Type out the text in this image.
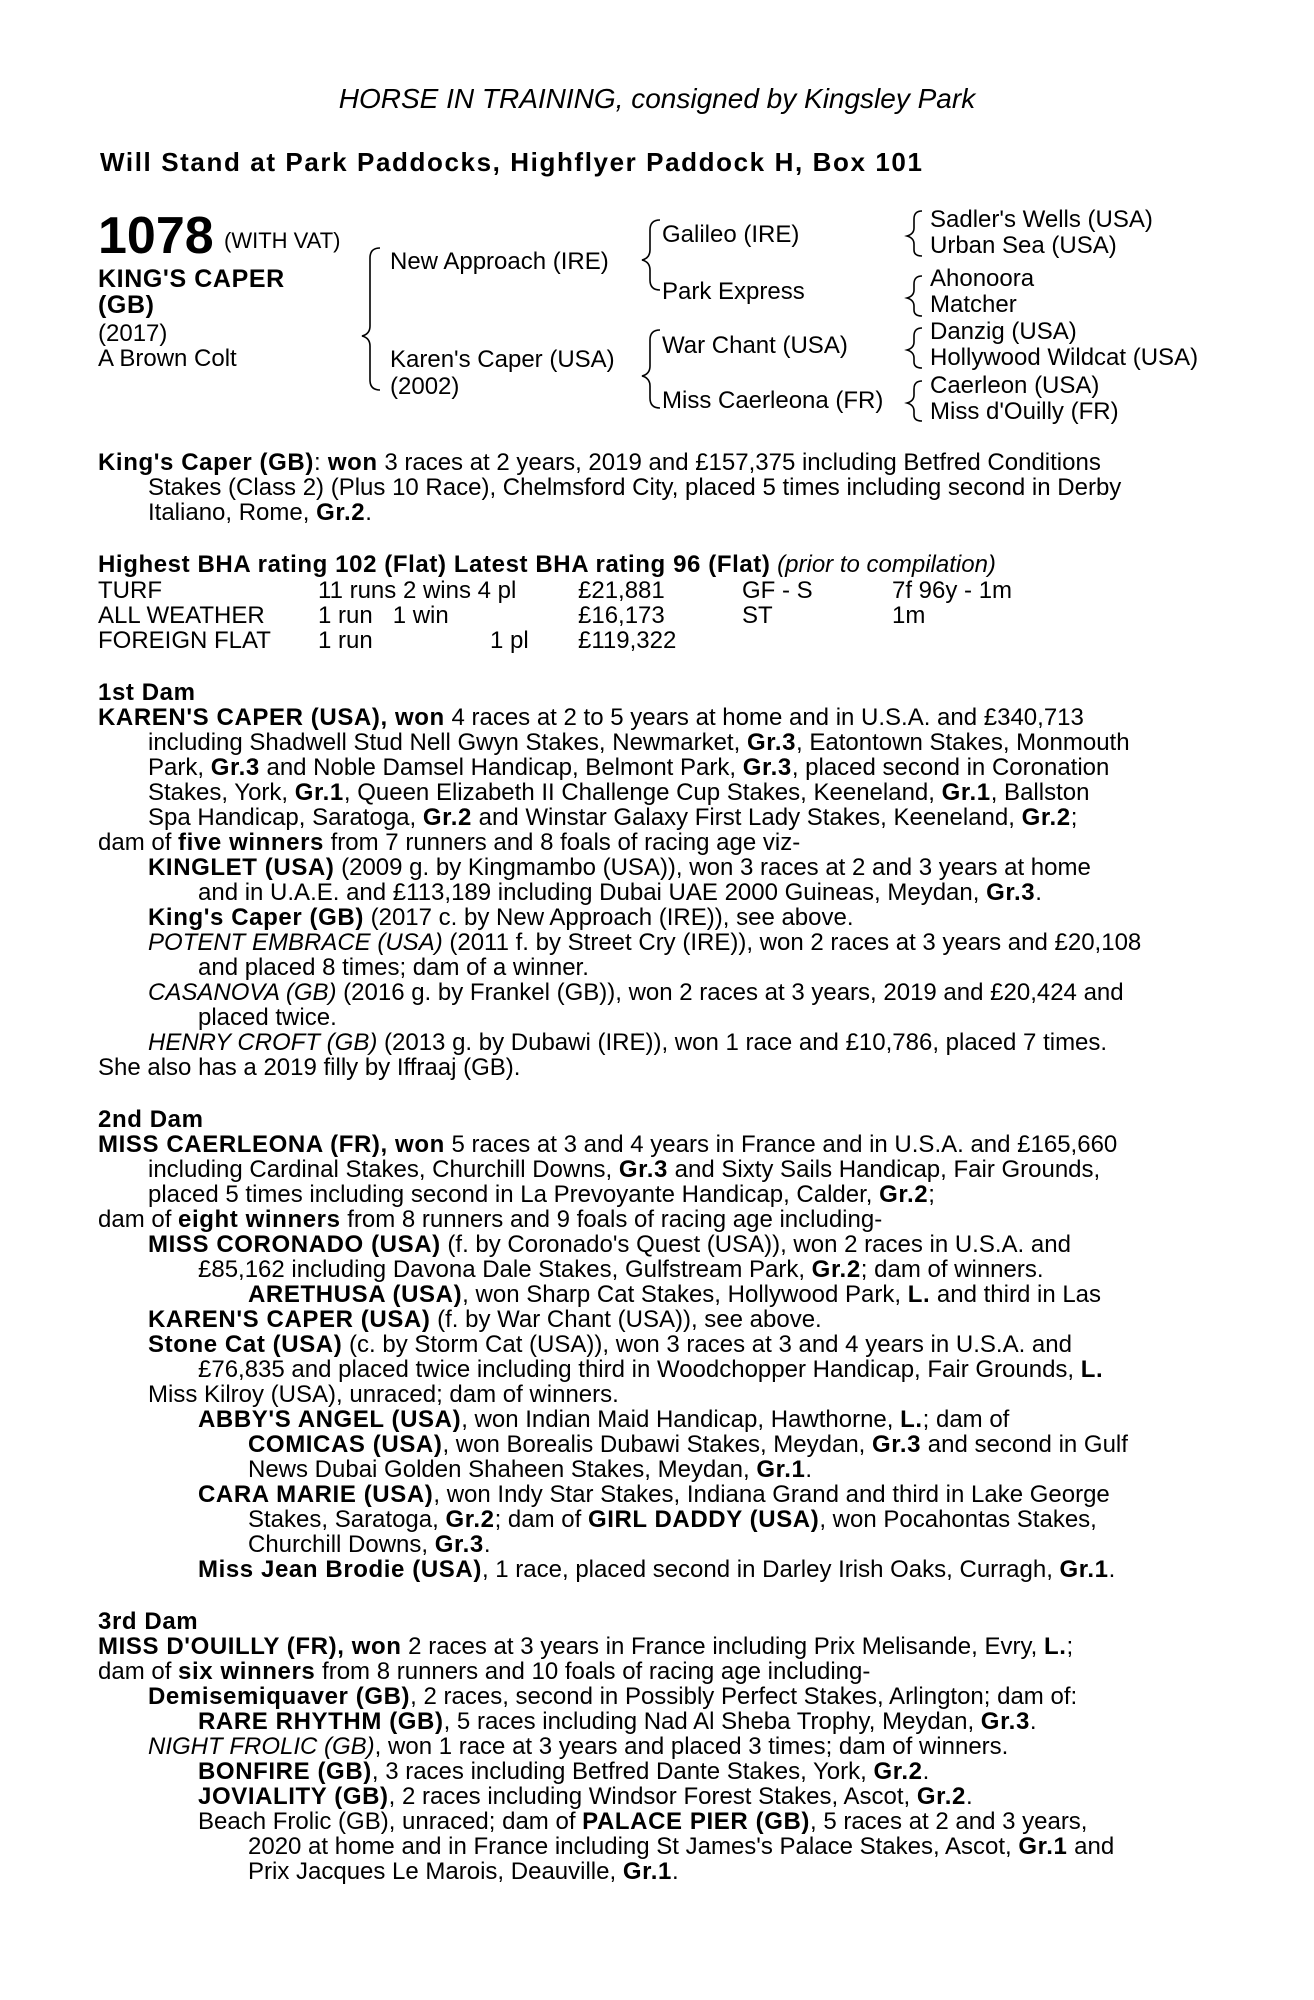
HORSE IN TRAINING, consigned by Kingsley Park
Will Stand at Park Paddocks, Highflyer Paddock H, Box 101
1078 (WITH VAT)
KING'S CAPER
(GB)
(2017)
A Brown Colt
New Approach (IRE)
Karen's Caper (USA)
(2002)
Galileo (IRE)
Park Express
War Chant (USA)
Miss Caerleona (FR)
Sadler's Wells (USA)
Urban Sea (USA)
Ahonoora
Matcher
Danzig (USA)
Hollywood Wildcat (USA)
Caerleon (USA)
Miss d'Ouilly (FR)
King's Caper (GB): won 3 races at 2 years, 2019 and £157,375 including Betfred Conditions
Stakes (Class 2) (Plus 10 Race), Chelmsford City, placed 5 times including second in Derby
Italiano, Rome, Gr.2.
Highest BHA rating 102 (Flat) Latest BHA rating 96 (Flat) (prior to compilation)
TURF	11 runs 2 wins 4 pl	£21,881	GF - S	7f 96y - 1m
ALL WEATHER 1 run   1 win	£16,173	ST	1m
FOREIGN FLAT 1 run	1 pl £119,322
1st Dam
KAREN'S CAPER (USA), won 4 races at 2 to 5 years at home and in U.S.A. and £340,713
including Shadwell Stud Nell Gwyn Stakes, Newmarket, Gr.3, Eatontown Stakes, Monmouth
Park, Gr.3 and Noble Damsel Handicap, Belmont Park, Gr.3, placed second in Coronation
Stakes, York, Gr.1, Queen Elizabeth II Challenge Cup Stakes, Keeneland, Gr.1, Ballston
Spa Handicap, Saratoga, Gr.2 and Winstar Galaxy First Lady Stakes, Keeneland, Gr.2;
dam of five winners from 7 runners and 8 foals of racing age viz-
KINGLET (USA) (2009 g. by Kingmambo (USA)), won 3 races at 2 and 3 years at home
and in U.A.E. and £113,189 including Dubai UAE 2000 Guineas, Meydan, Gr.3.
King's Caper (GB) (2017 c. by New Approach (IRE)), see above.
POTENT EMBRACE (USA) (2011 f. by Street Cry (IRE)), won 2 races at 3 years and £20,108
and placed 8 times; dam of a winner.
CASANOVA (GB) (2016 g. by Frankel (GB)), won 2 races at 3 years, 2019 and £20,424 and
placed twice.
HENRY CROFT (GB) (2013 g. by Dubawi (IRE)), won 1 race and £10,786, placed 7 times.
She also has a 2019 filly by Iffraaj (GB).
2nd Dam
MISS CAERLEONA (FR), won 5 races at 3 and 4 years in France and in U.S.A. and £165,660
including Cardinal Stakes, Churchill Downs, Gr.3 and Sixty Sails Handicap, Fair Grounds,
placed 5 times including second in La Prevoyante Handicap, Calder, Gr.2;
dam of eight winners from 8 runners and 9 foals of racing age including-
MISS CORONADO (USA) (f. by Coronado's Quest (USA)), won 2 races in U.S.A. and
£85,162 including Davona Dale Stakes, Gulfstream Park, Gr.2; dam of winners.
ARETHUSA (USA), won Sharp Cat Stakes, Hollywood Park, L. and third in Las
KAREN'S CAPER (USA) (f. by War Chant (USA)), see above.
Stone Cat (USA) (c. by Storm Cat (USA)), won 3 races at 3 and 4 years in U.S.A. and
£76,835 and placed twice including third in Woodchopper Handicap, Fair Grounds, L.
Miss Kilroy (USA), unraced; dam of winners.
ABBY'S ANGEL (USA), won Indian Maid Handicap, Hawthorne, L.; dam of
COMICAS (USA), won Borealis Dubawi Stakes, Meydan, Gr.3 and second in Gulf
News Dubai Golden Shaheen Stakes, Meydan, Gr.1.
CARA MARIE (USA), won Indy Star Stakes, Indiana Grand and third in Lake George
Stakes, Saratoga, Gr.2; dam of GIRL DADDY (USA), won Pocahontas Stakes,
Churchill Downs, Gr.3.
Miss Jean Brodie (USA), 1 race, placed second in Darley Irish Oaks, Curragh, Gr.1.
3rd Dam
MISS D'OUILLY (FR), won 2 races at 3 years in France including Prix Melisande, Evry, L.;
dam of six winners from 8 runners and 10 foals of racing age including-
Demisemiquaver (GB), 2 races, second in Possibly Perfect Stakes, Arlington; dam of:
RARE RHYTHM (GB), 5 races including Nad Al Sheba Trophy, Meydan, Gr.3.
NIGHT FROLIC (GB), won 1 race at 3 years and placed 3 times; dam of winners.
BONFIRE (GB), 3 races including Betfred Dante Stakes, York, Gr.2.
JOVIALITY (GB), 2 races including Windsor Forest Stakes, Ascot, Gr.2.
Beach Frolic (GB), unraced; dam of PALACE PIER (GB), 5 races at 2 and 3 years,
2020 at home and in France including St James's Palace Stakes, Ascot, Gr.1 and
Prix Jacques Le Marois, Deauville, Gr.1.
